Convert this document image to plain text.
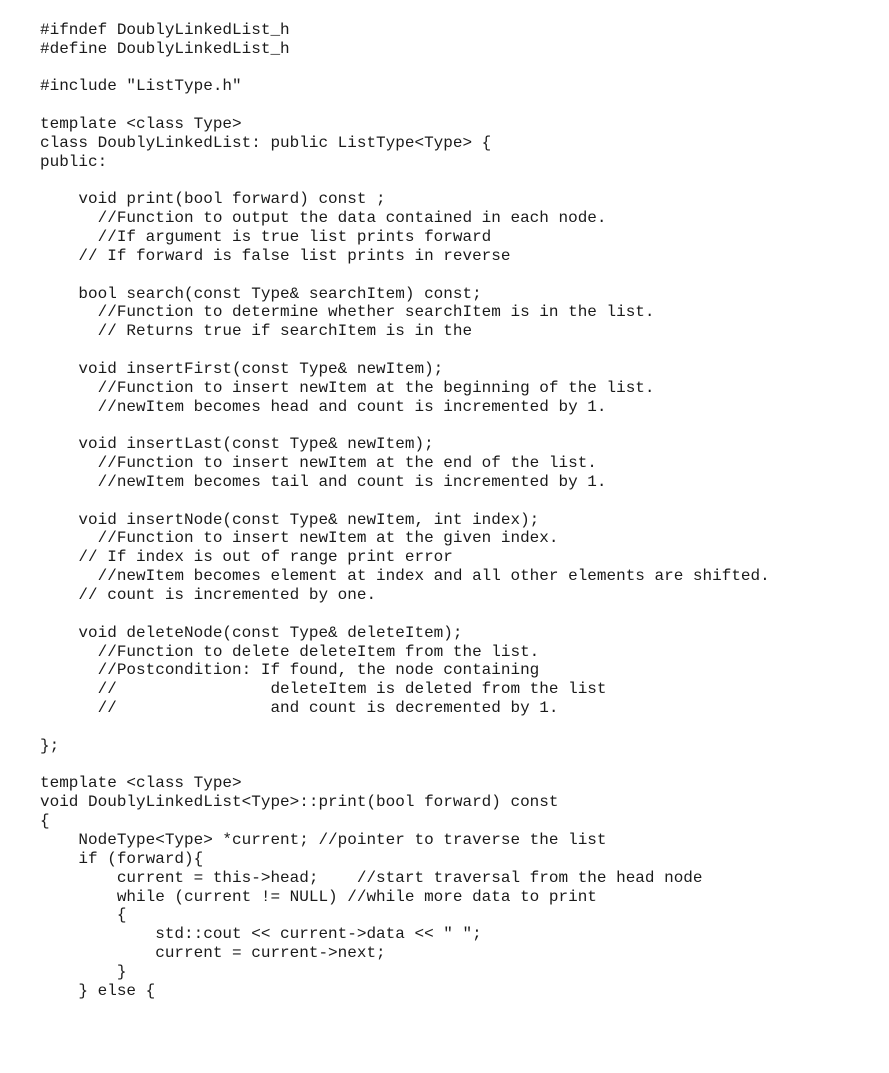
#ifndef DoublyLinkedList_h
#define DoublyLinkedList_h
#include "ListType.h"
template <class Type>
class DoublyLinkedList: public ListType<Type> {
public:
void print(bool forward) const ;
//Function to output the data contained in each node.
//If argument is true list prints forward
// If forward is false list prints in reverse
bool search(const Type& searchItem) const;
//Function to determine whether searchItem is in the list.
// Returns true if searchItem is in the
void insertFirst(const Type& newItem);
//Function to insert newItem at the beginning of the list.
//newItem becomes head and count is incremented by 1.
void insertLast(const Type& newItem);
//Function to insert newItem at the end of the list.
//newItem becomes tail and count is incremented by 1.
void insertNode(const Type& newItem, int index);
//Function to insert newItem at the given index.
// If index is out of range print error
//newItem becomes element at index and all other elements are shifted.
// count is incremented by one.
void deleteNode(const Type& deleteItem);
//Function to delete deleteItem from the list.
//Postcondition: If found, the node containing
//                deleteItem is deleted from the list
//                and count is decremented by 1.
};
template <class Type>
void DoublyLinkedList<Type>::print(bool forward) const
{
NodeType<Type> *current; //pointer to traverse the list
if (forward){
current = this->head;    //start traversal from the head node
while (current != NULL) //while more data to print
{
std::cout << current->data << " ";
current = current->next;
}
} else {
